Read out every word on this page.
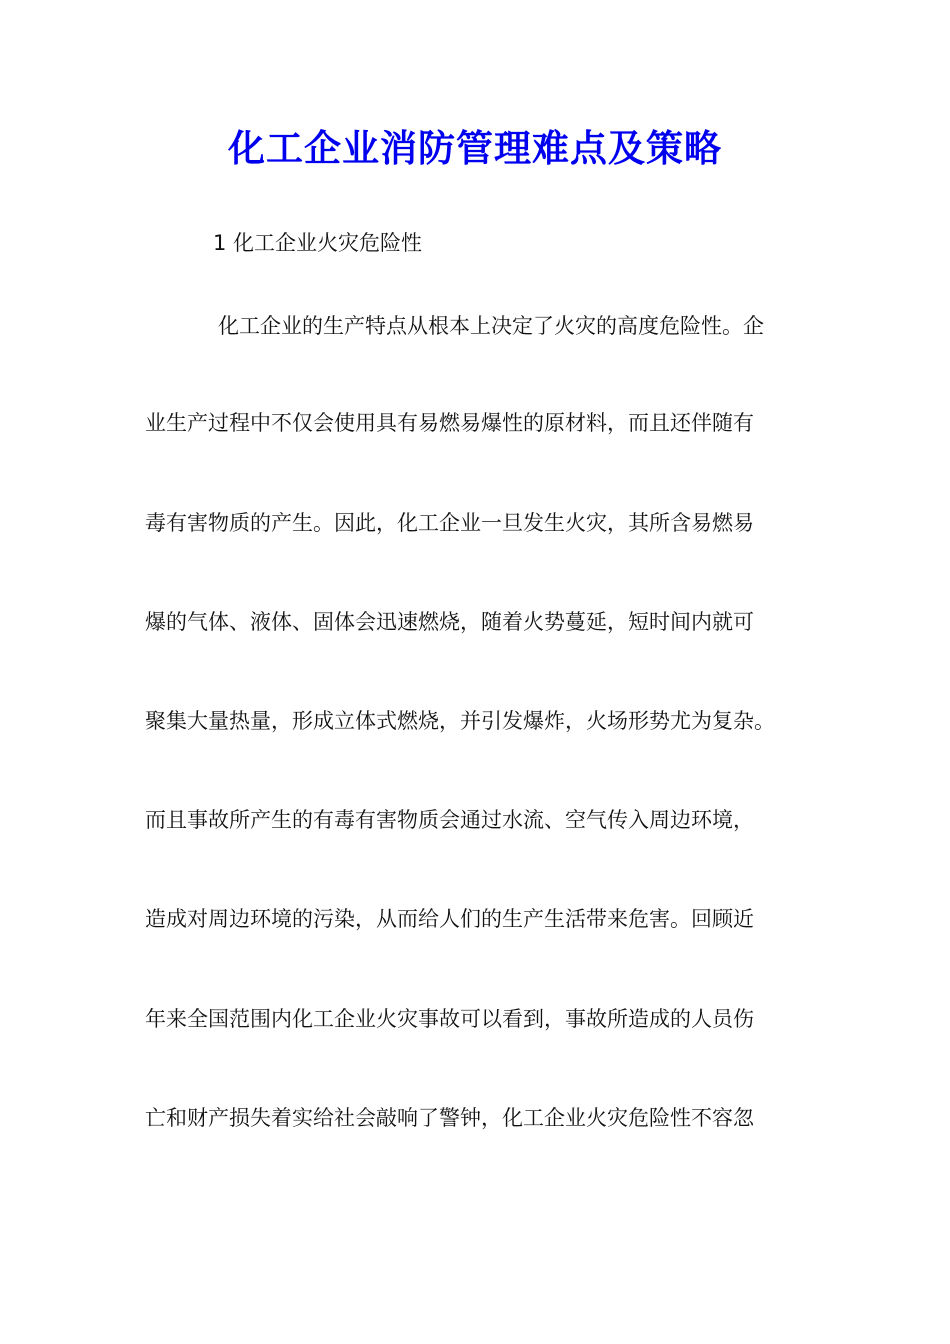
化工企业消防管理难点及策略
1 化工企业火灾危险性
化工企业的生产特点从根本上决定了火灾的高度危险性。企
业生产过程中不仅会使用具有易燃易爆性的原材料，而且还伴随有
毒有害物质的产生。因此，化工企业一旦发生火灾，其所含易燃易
爆的气体、液体、固体会迅速燃烧，随着火势蔓延，短时间内就可
聚集大量热量，形成立体式燃烧，并引发爆炸，火场形势尤为复杂。
而且事故所产生的有毒有害物质会通过水流、空气传入周边环境，
造成对周边环境的污染，从而给人们的生产生活带来危害。回顾近
年来全国范围内化工企业火灾事故可以看到，事故所造成的人员伤
亡和财产损失着实给社会敲响了警钟，化工企业火灾危险性不容忽
